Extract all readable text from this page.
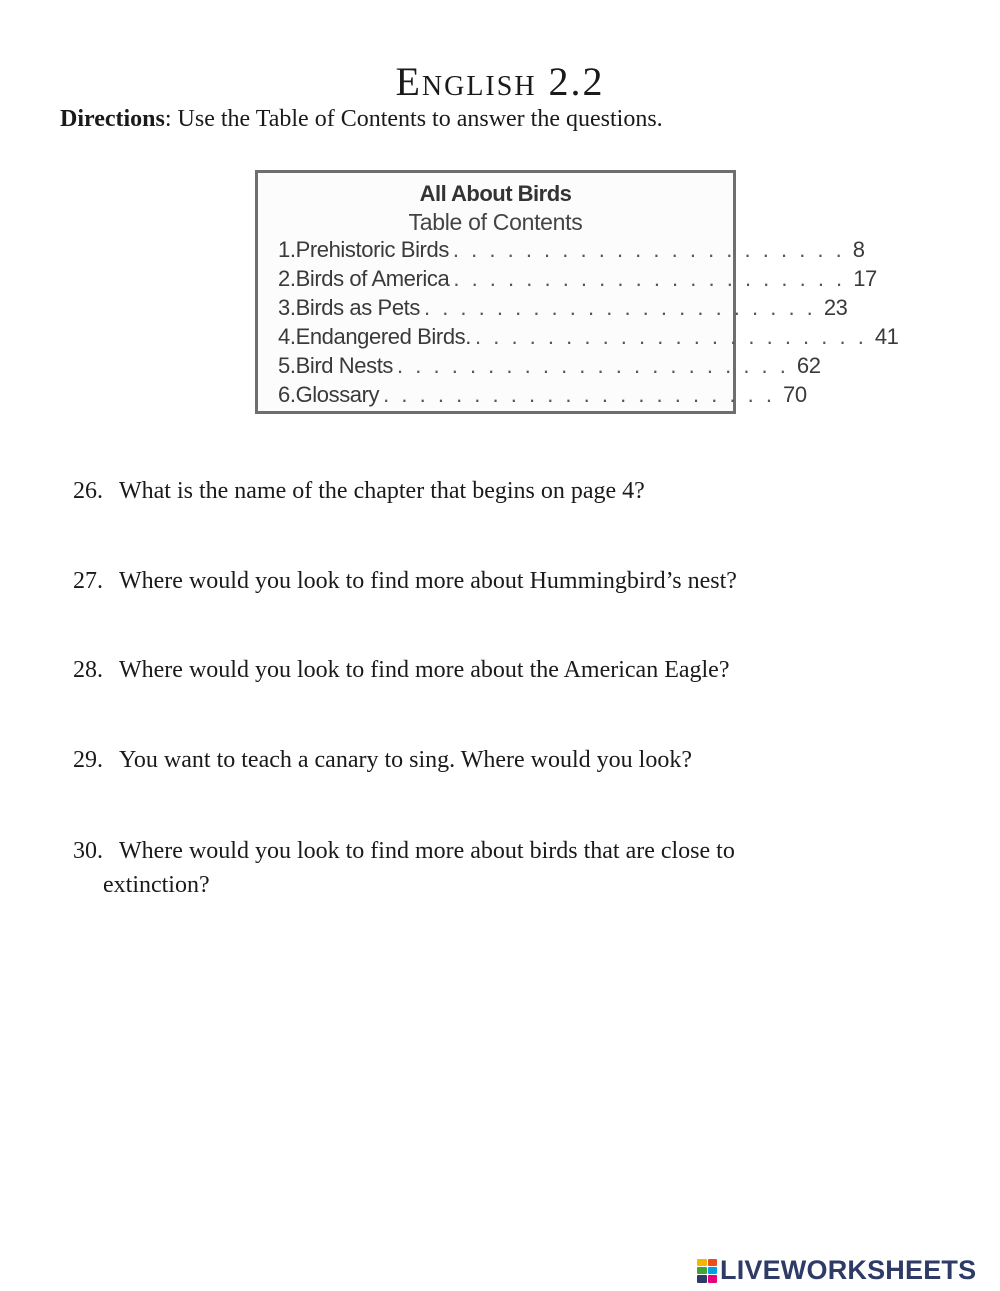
English 2.2
Directions: Use the Table of Contents to answer the questions.
All About Birds
Table of Contents
1. Prehistoric Birds . . . . . . . . . . . . . . . . . . . . . . 8
2. Birds of America . . . . . . . . . . . . . . . . . . . . . . 17
3. Birds as Pets . . . . . . . . . . . . . . . . . . . . . . 23
4. Endangered Birds. . . . . . . . . . . . . . . . . . . . . . . 41
5. Bird Nests . . . . . . . . . . . . . . . . . . . . . . 62
6. Glossary . . . . . . . . . . . . . . . . . . . . . . 70
26. What is the name of the chapter that begins on page 4?
27. Where would you look to find more about Hummingbird’s nest?
28. Where would you look to find more about the American Eagle?
29. You want to teach a canary to sing. Where would you look?
30. Where would you look to find more about birds that are close to
extinction?
LIVEWORKSHEETS
